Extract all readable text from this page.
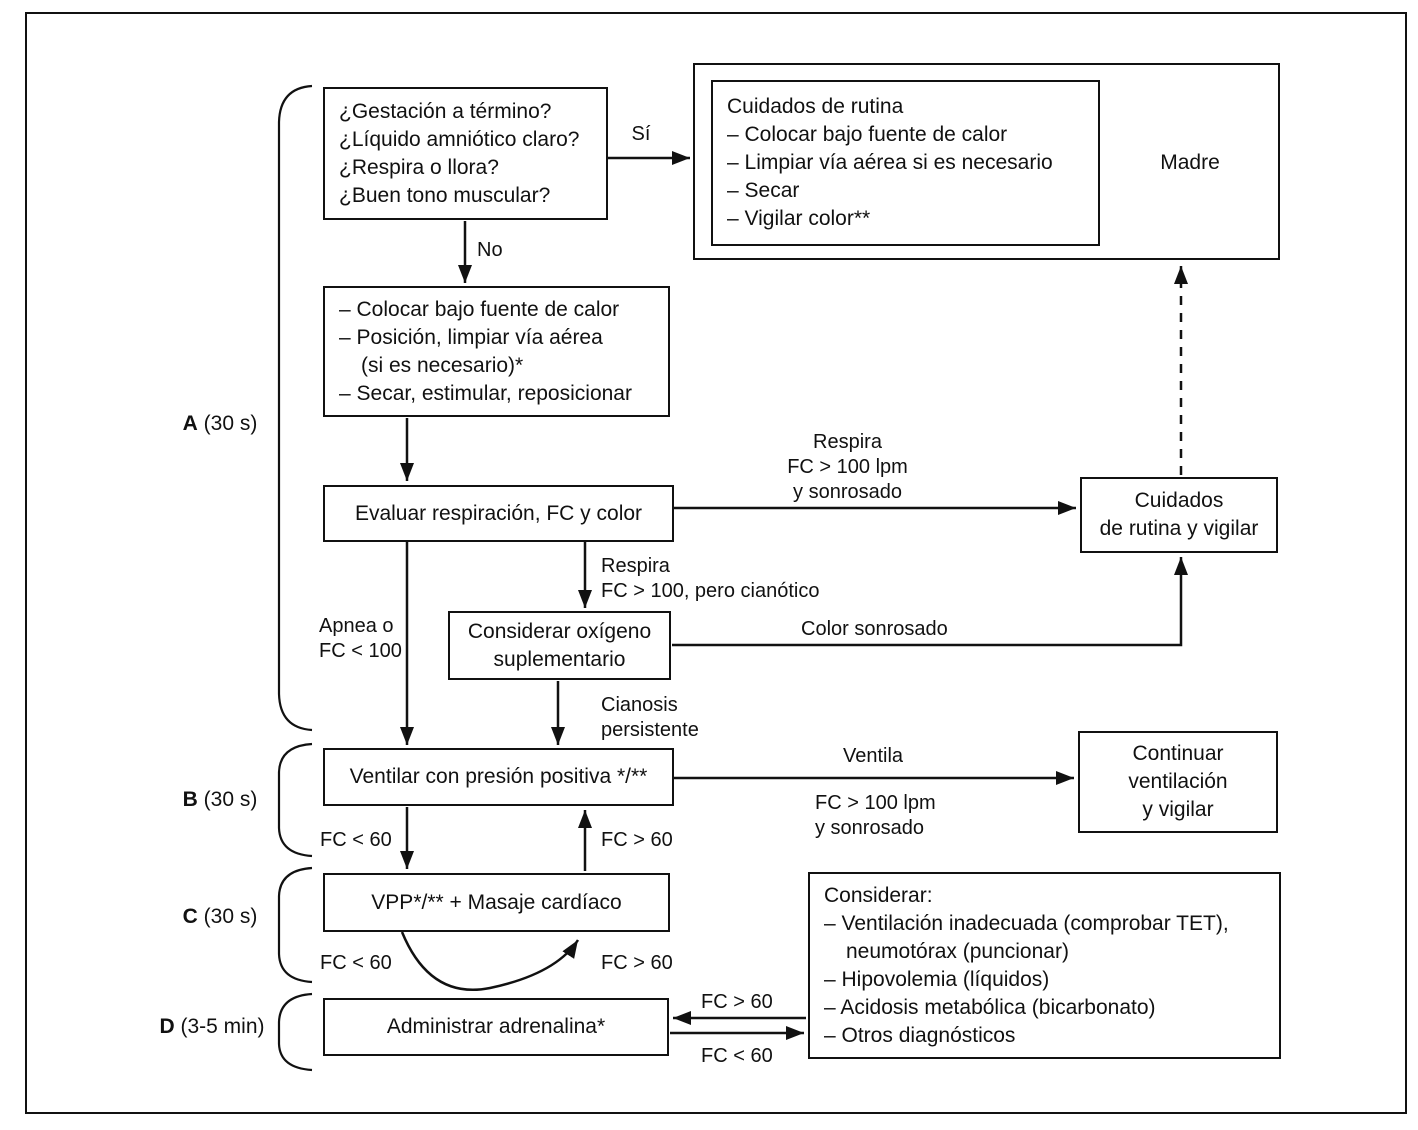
A (30 s)
B (30 s)
C (30 s)
D (3-5 min)
¿Gestación a término?
¿Líquido amniótico claro?
¿Respira o llora?
¿Buen tono muscular?
Cuidados de rutina
– Colocar bajo fuente de calor
– Limpiar vía aérea si es necesario
– Secar
– Vigilar color**
Madre
– Colocar bajo fuente de calor
– Posición, limpiar vía aérea
(si es necesario)*
– Secar, estimular, reposicionar
Evaluar respiración, FC y color
Cuidados
de rutina y vigilar
Considerar oxígeno
suplementario
Ventilar con presión positiva */**
Continuar
ventilación
y vigilar
VPP*/** + Masaje cardíaco
Administrar adrenalina*
Considerar:
– Ventilación inadecuada (comprobar TET),
neumotórax (puncionar)
– Hipovolemia (líquidos)
– Acidosis metabólica (bicarbonato)
– Otros diagnósticos
Sí
No
Respira
FC > 100 lpm
y sonrosado
Respira
FC > 100, pero cianótico
Apnea o
FC < 100
Color sonrosado
Cianosis
persistente
Ventila
FC > 100 lpm
y sonrosado
FC < 60	FC > 60
FC < 60	FC > 60
FC > 60
FC < 60
